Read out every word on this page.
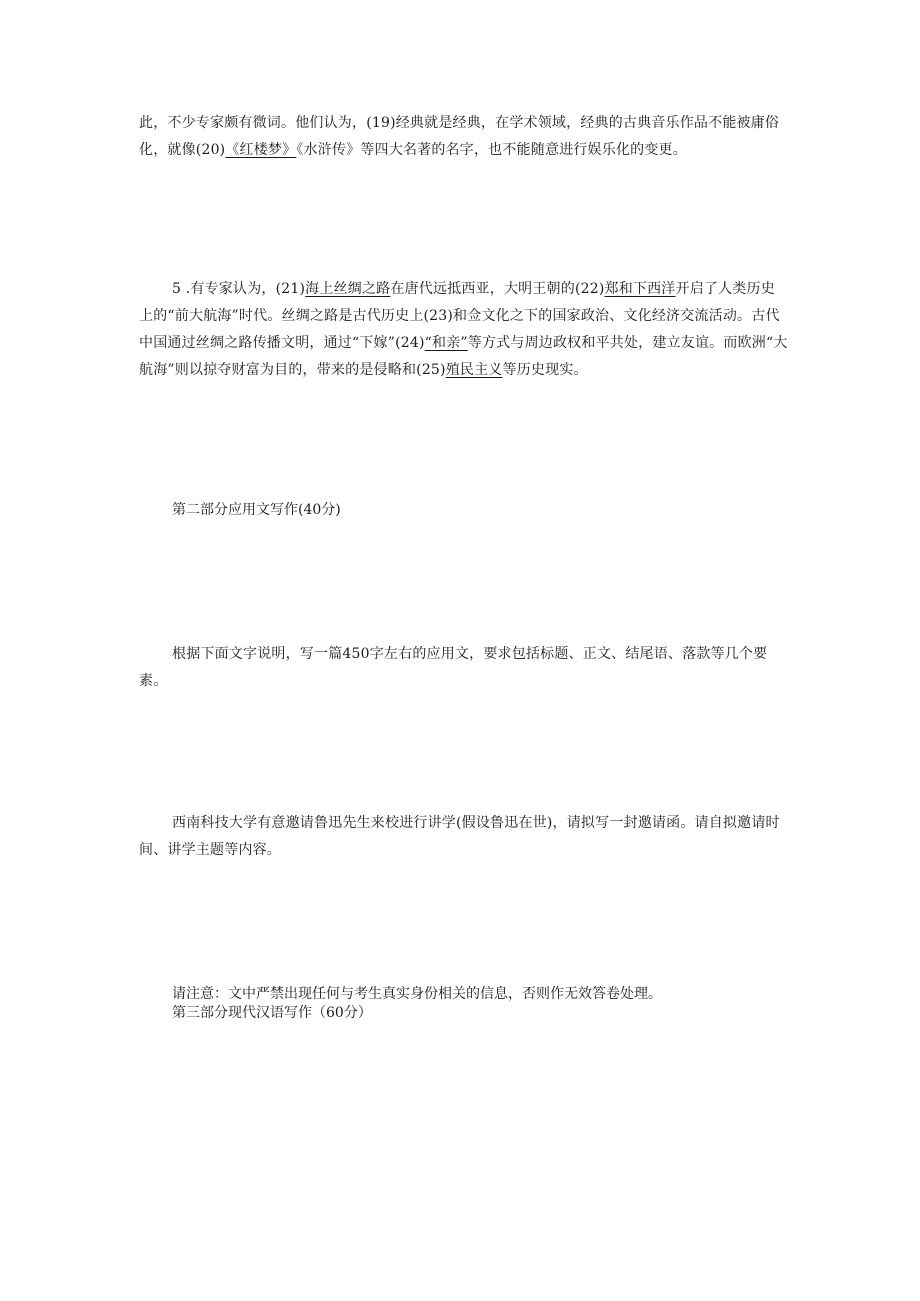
此，不少专家颇有微词。他们认为，(19)经典就是经典，在学术领域，经典的古典音乐作品不能被庸俗化，就像(20)《红楼梦》《水浒传》等四大名著的名字，也不能随意进行娱乐化的变更。

5 .有专家认为，(21)海上丝绸之路在唐代远抵西亚，大明王朝的(22)郑和下西洋开启了人类历史上的“前大航海”时代。丝绸之路是古代历史上(23)和佥文化之下的国家政治、文化经济交流活动。古代中国通过丝绸之路传播文明，通过“下嫁”(24)“和亲”等方式与周边政权和平共处，建立友谊。而欧洲“大航海”则以掠夺财富为目的，带来的是侵略和(25)殖民主义等历史现实。

第二部分应用文写作(40分)

根据下面文字说明，写一篇450字左右的应用文，要求包括标题、正文、结尾语、落款等几个要素。

西南科技大学有意邀请鲁迅先生来校进行讲学(假设鲁迅在世)，请拟写一封邀请函。请自拟邀请时间、讲学主题等内容。

请注意：文中严禁出现任何与考生真实身份相关的信息，否则作无效答卷处理。

第三部分现代汉语写作（60分）
